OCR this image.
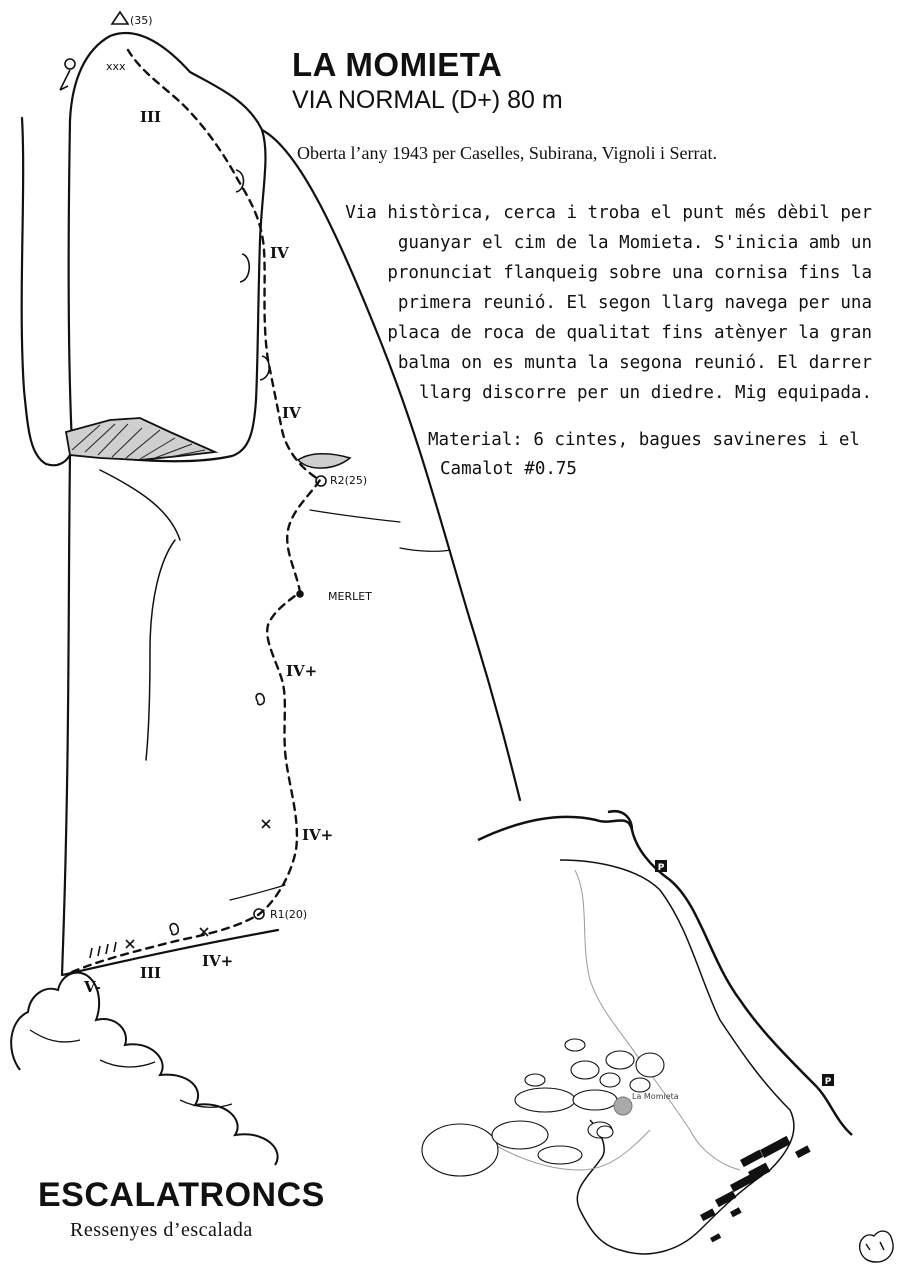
(35)
xxx
R2(25)
MERLET
R1(20)
III
IV
IV
IV+
IV+
III
IV+
V-
La Momieta
P
P
LA MOMIETA
VIA NORMAL (D+) 80 m
Oberta l’any 1943 per Caselles, Subirana, Vignoli i Serrat.
Via històrica, cerca i troba el punt més dèbil per
guanyar el cim de la Momieta. S'inicia amb un
pronunciat flanqueig sobre una cornisa fins la
primera reunió. El segon llarg navega per una
placa de roca de qualitat fins atènyer la gran
balma on es munta la segona reunió. El darrer
llarg discorre per un diedre. Mig equipada.
Material: 6 cintes, bagues savineres i el
Camalot #0.75
ESCALATRONCS
Ressenyes d’escalada
